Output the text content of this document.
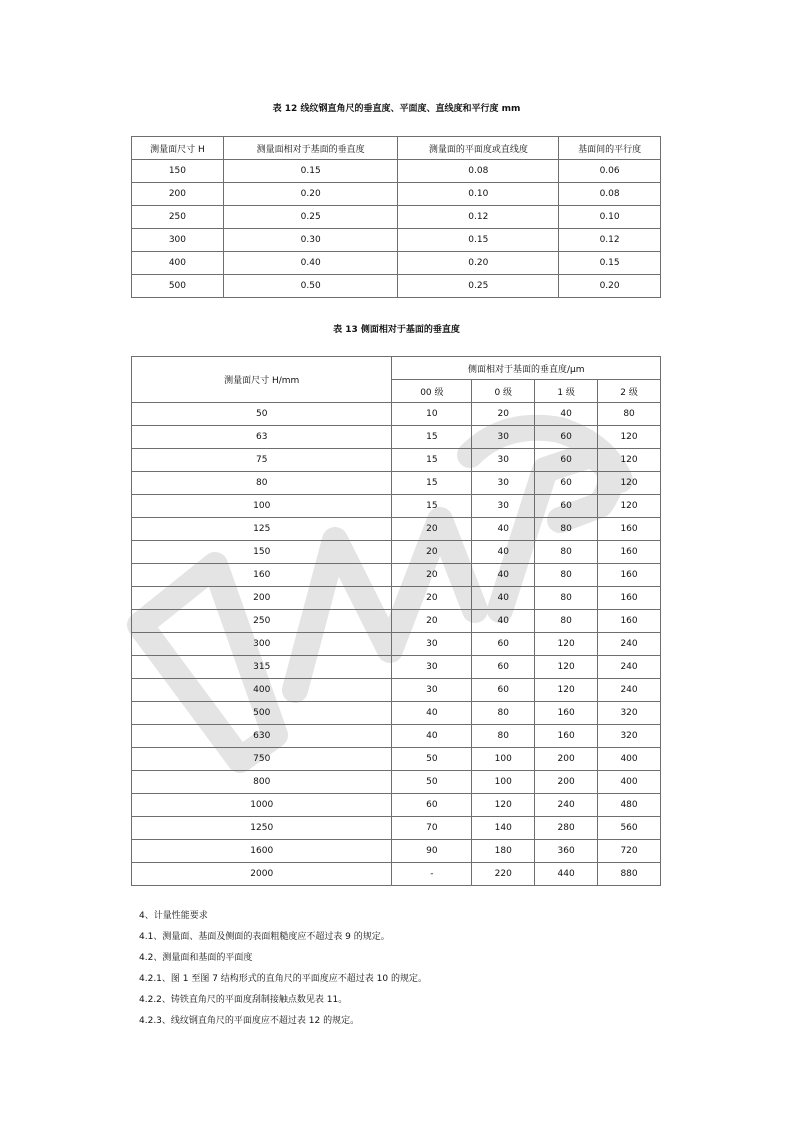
表 12 线纹钢直角尺的垂直度、平面度、直线度和平行度 mm
测量面尺寸 H	测量面相对于基面的垂直度	测量面的平面度或直线度	基面间的平行度
150	0.15	0.08	0.06
200	0.20	0.10	0.08
250	0.25	0.12	0.10
300	0.30	0.15	0.12
400	0.40	0.20	0.15
500	0.50	0.25	0.20
表 13 侧面相对于基面的垂直度
测量面尺寸 H/mm	侧面相对于基面的垂直度/μm			
	00 级	0 级	1 级	2 级
50	10	20	40	80
63	15	30	60	120
75	15	30	60	120
80	15	30	60	120
100	15	30	60	120
125	20	40	80	160
150	20	40	80	160
160	20	40	80	160
200	20	40	80	160
250	20	40	80	160
300	30	60	120	240
315	30	60	120	240
400	30	60	120	240
500	40	80	160	320
630	40	80	160	320
750	50	100	200	400
800	50	100	200	400
1000	60	120	240	480
1250	70	140	280	560
1600	90	180	360	720
2000	-	220	440	880
4、计量性能要求
4.1、测量面、基面及侧面的表面粗糙度应不超过表 9 的规定。
4.2、测量面和基面的平面度
4.2.1、图 1 至图 7 结构形式的直角尺的平面度应不超过表 10 的规定。
4.2.2、铸铁直角尺的平面度刮制接触点数见表 11。
4.2.3、线纹钢直角尺的平面度应不超过表 12 的规定。
